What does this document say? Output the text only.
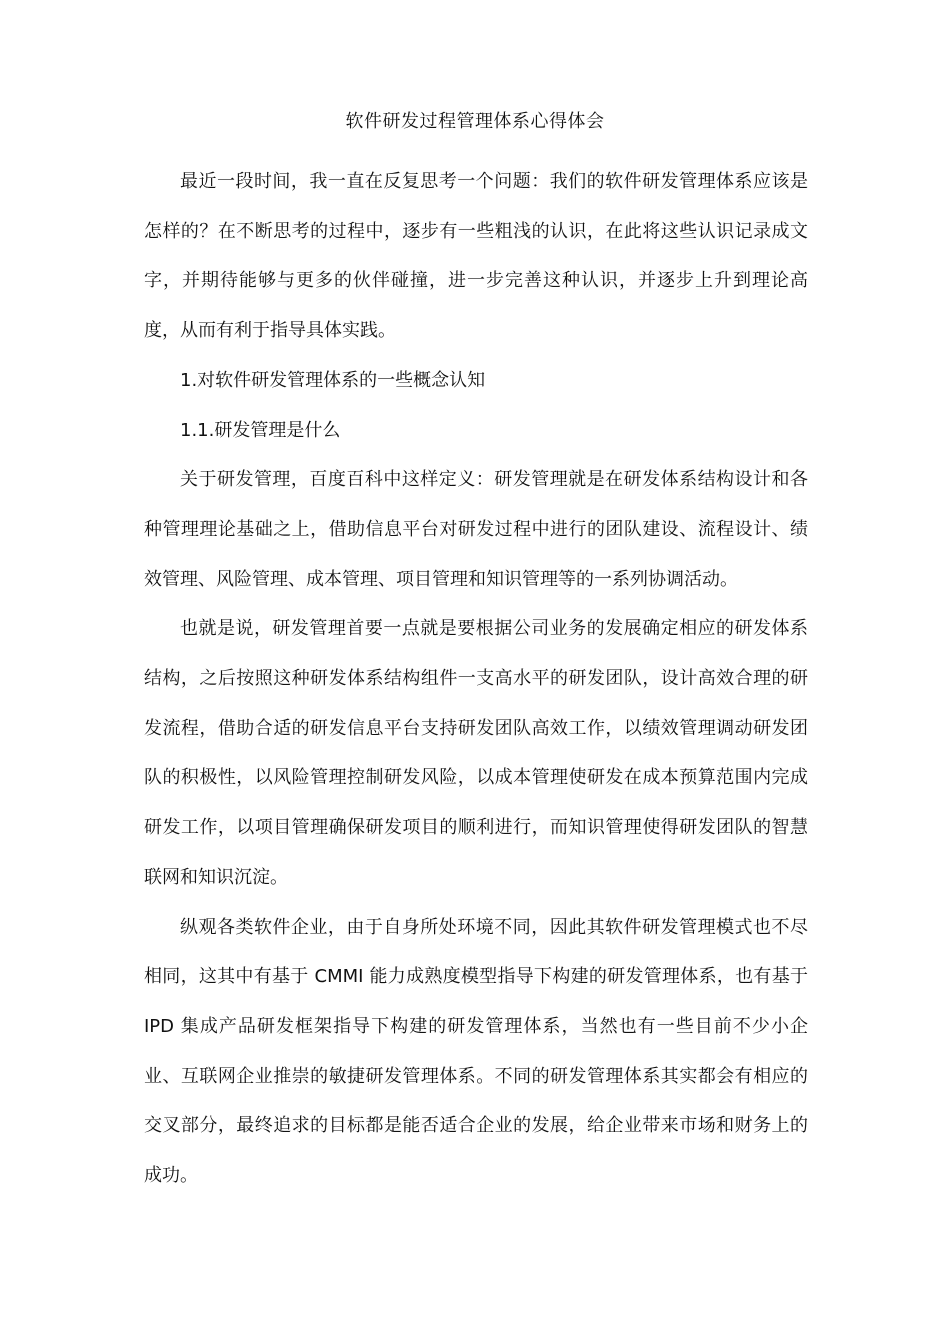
软件研发过程管理体系心得体会

最近一段时间，我一直在反复思考一个问题：我们的软件研发管理体系应该是怎样的？在不断思考的过程中，逐步有一些粗浅的认识，在此将这些认识记录成文字，并期待能够与更多的伙伴碰撞，进一步完善这种认识，并逐步上升到理论高度，从而有利于指导具体实践。

1.对软件研发管理体系的一些概念认知

1.1.研发管理是什么

关于研发管理，百度百科中这样定义：研发管理就是在研发体系结构设计和各种管理理论基础之上，借助信息平台对研发过程中进行的团队建设、流程设计、绩效管理、风险管理、成本管理、项目管理和知识管理等的一系列协调活动。

也就是说，研发管理首要一点就是要根据公司业务的发展确定相应的研发体系结构，之后按照这种研发体系结构组件一支高水平的研发团队，设计高效合理的研发流程，借助合适的研发信息平台支持研发团队高效工作，以绩效管理调动研发团队的积极性，以风险管理控制研发风险，以成本管理使研发在成本预算范围内完成研发工作，以项目管理确保研发项目的顺利进行，而知识管理使得研发团队的智慧联网和知识沉淀。

纵观各类软件企业，由于自身所处环境不同，因此其软件研发管理模式也不尽相同，这其中有基于 CMMI 能力成熟度模型指导下构建的研发管理体系，也有基于 IPD 集成产品研发框架指导下构建的研发管理体系，当然也有一些目前不少小企业、互联网企业推崇的敏捷研发管理体系。不同的研发管理体系其实都会有相应的交叉部分，最终追求的目标都是能否适合企业的发展，给企业带来市场和财务上的成功。
